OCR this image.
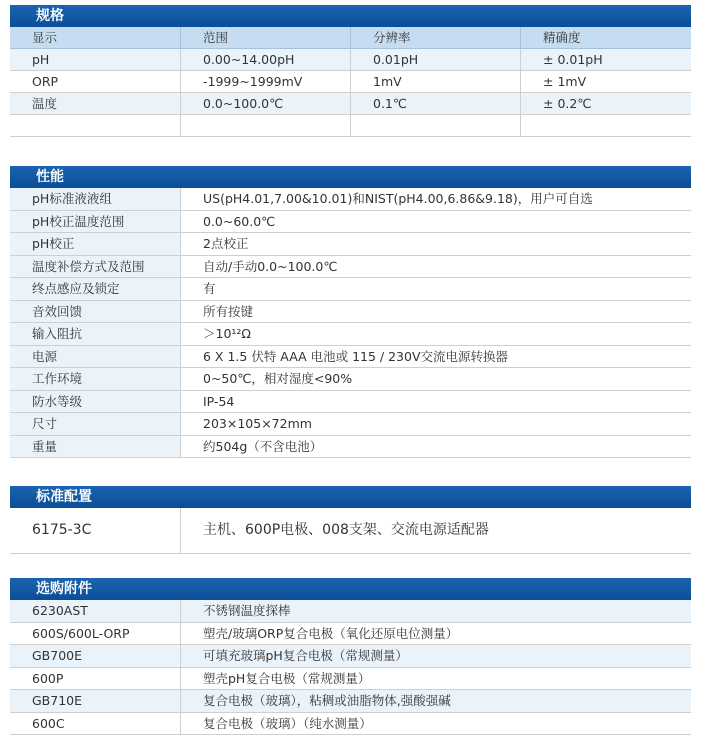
规格
显示	范围	分辨率	精确度
pH	0.00~14.00pH	0.01pH	± 0.01pH
ORP	-1999~1999mV	1mV	± 1mV
温度	0.0~100.0℃	0.1℃	± 0.2℃
性能
pH标准液液组	US(pH4.01,7.00&10.01)和NIST(pH4.00,6.86&9.18)，用户可自选
pH校正温度范围	0.0~60.0℃
pH校正	2点校正
温度补偿方式及范围	自动/手动0.0~100.0℃
终点感应及锁定	有
音效回馈	所有按键
输入阻抗	＞10¹²Ω
电源	6 X 1.5 伏特 AAA 电池或 115 / 230V交流电源转换器
工作环境	0~50℃，相对湿度<90%
防水等级	IP-54
尺寸	203×105×72mm
重量	约504g（不含电池）
标准配置
6175-3C	主机、600P电极、008支架、交流电源适配器
选购附件
6230AST	不锈钢温度探棒
600S/600L-ORP	塑壳/玻璃ORP复合电极（氧化还原电位测量）
GB700E	可填充玻璃pH复合电极（常规测量）
600P	塑壳pH复合电极（常规测量）
GB710E	复合电极（玻璃），粘稠或油脂物体,强酸强碱
600C	复合电极（玻璃）（纯水测量）
